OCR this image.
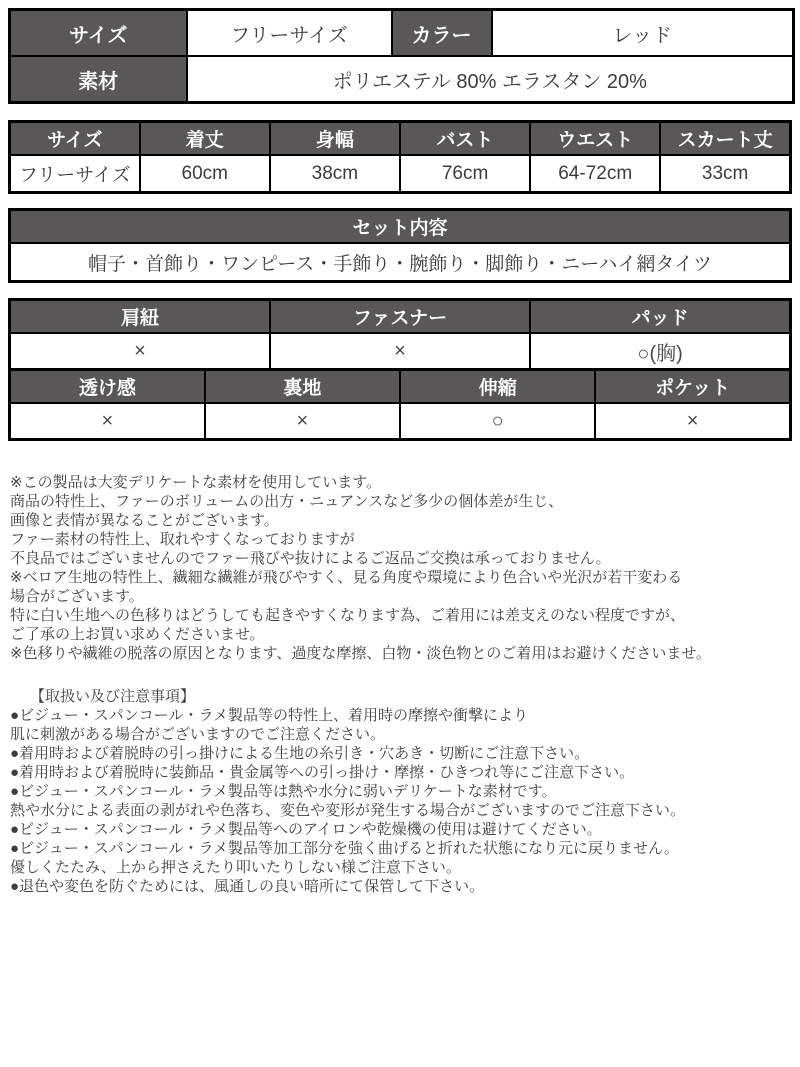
サイズ	フリーサイズ	カラー	レッド
素材	ポリエステル 80% エラスタン 20%		
サイズ	着丈	身幅	バスト	ウエスト	スカート丈
フリーサイズ	60cm	38cm	76cm	64-72cm	33cm
セット内容
帽子・首飾り・ワンピース・手飾り・腕飾り・脚飾り・ニーハイ網タイツ
肩紐	ファスナー	パッド
×	×	○(胸)
透け感	裏地	伸縮	ポケット
×	×	○	×
※この製品は大変デリケートな素材を使用しています。
商品の特性上、ファーのボリュームの出方・ニュアンスなど多少の個体差が生じ、
画像と表情が異なることがございます。
ファー素材の特性上、取れやすくなっておりますが
不良品ではございませんのでファー飛びや抜けによるご返品ご交換は承っておりません。
※ベロア生地の特性上、繊細な繊維が飛びやすく、見る角度や環境により色合いや光沢が若干変わる
場合がございます。
特に白い生地への色移りはどうしても起きやすくなります為、ご着用には差支えのない程度ですが、
ご了承の上お買い求めくださいませ。
※色移りや繊維の脱落の原因となります、過度な摩擦、白物・淡色物とのご着用はお避けくださいませ。
【取扱い及び注意事項】
●ビジュー・スパンコール・ラメ製品等の特性上、着用時の摩擦や衝撃により
肌に刺激がある場合がございますのでご注意ください。
●着用時および着脱時の引っ掛けによる生地の糸引き・穴あき・切断にご注意下さい。
●着用時および着脱時に装飾品・貴金属等への引っ掛け・摩擦・ひきつれ等にご注意下さい。
●ビジュー・スパンコール・ラメ製品等は熱や水分に弱いデリケートな素材です。
熱や水分による表面の剥がれや色落ち、変色や変形が発生する場合がございますのでご注意下さい。
●ビジュー・スパンコール・ラメ製品等へのアイロンや乾燥機の使用は避けてください。
●ビジュー・スパンコール・ラメ製品等加工部分を強く曲げると折れた状態になり元に戻りません。
優しくたたみ、上から押さえたり叩いたりしない様ご注意下さい。
●退色や変色を防ぐためには、風通しの良い暗所にて保管して下さい。
